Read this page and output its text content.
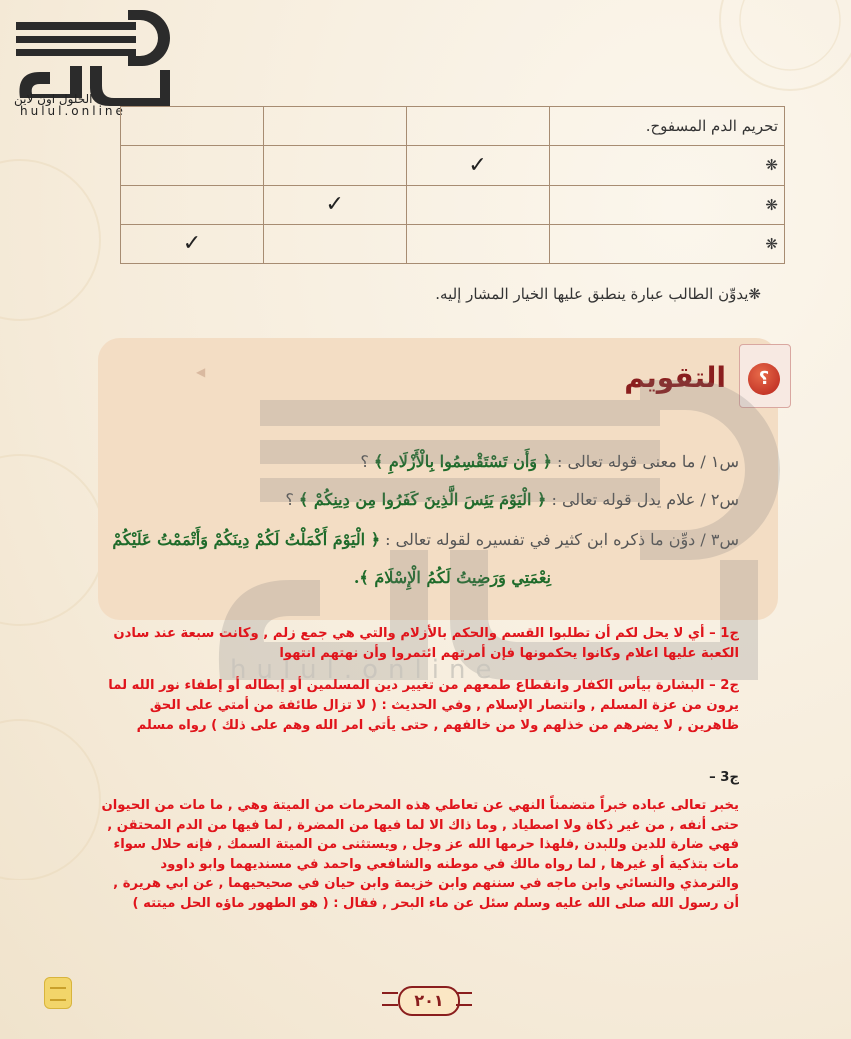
الحلول اون لاين
hulul.online
تحريم الدم المسفوح.			
❋	✓		
❋		✓	
❋			✓
❋يدوِّن الطالب عبارة ينطبق عليها الخيار المشار إليه.
◀	؟
التقويم
س١ / ما معنى قوله تعالى : ﴿ وَأَن تَسْتَقْسِمُوا بِالْأَزْلَامِ ﴾ ؟
س٢ / علام يدل قوله تعالى : ﴿ الْيَوْمَ يَئِسَ الَّذِينَ كَفَرُوا مِن دِينِكُمْ ﴾ ؟
س٣ / دوِّن ما ذكره ابن كثير في تفسيره لقوله تعالى : ﴿ الْيَوْمَ أَكْمَلْتُ لَكُمْ دِينَكُمْ وَأَتْمَمْتُ عَلَيْكُمْ
نِعْمَتِي وَرَضِيتُ لَكُمُ الْإِسْلَامَ ﴾.
hulul.online
ج1 – أي لا يحل لكم أن تطلبوا القسم والحكم بالأزلام والتي هي جمع زلم , وكانت سبعة عند سادن الكعبة عليها اعلام وكانوا يحكمونها فإن أمرتهم ائتمروا وأن نهتهم انتهوا
ج2 – البشارة بيأس الكفار وانقطاع طمعهم من تغيير دين المسلمين أو إبطاله أو إطفاء نور الله لما يرون من عزة المسلم , وانتصار الإسلام , وفي الحديث : ( لا تزال طائفة من أمتي على الحق ظاهرين , لا يضرهم من خذلهم ولا من خالفهم , حتى يأتي امر الله وهم على ذلك ) رواه مسلم
ج3 –
يخبر تعالى عباده خبراً متضمناً النهي عن تعاطي هذه المحرمات من الميتة وهي , ما مات من الحيوان حتى أنفه , من غير ذكاة ولا اصطياد , وما ذاك الا لما فيها من المضرة , لما فيها من الدم المحتقن , فهي ضارة للدين وللبدن ,فلهذا حرمها الله عز وجل , ويستثنى من الميتة السمك , فإنه حلال سواء مات بتذكية أو غيرها , لما رواه مالك في موطنه والشافعي واحمد في مسنديهما وابو داوود والترمذي والنسائي وابن ماجه في سننهم وابن خزيمة وابن حيان في صحيحيهما , عن ابي هريرة , أن رسول الله صلى الله عليه وسلم سئل عن ماء البحر , فقال : ( هو الطهور ماؤه الحل ميتته )
٢٠١
